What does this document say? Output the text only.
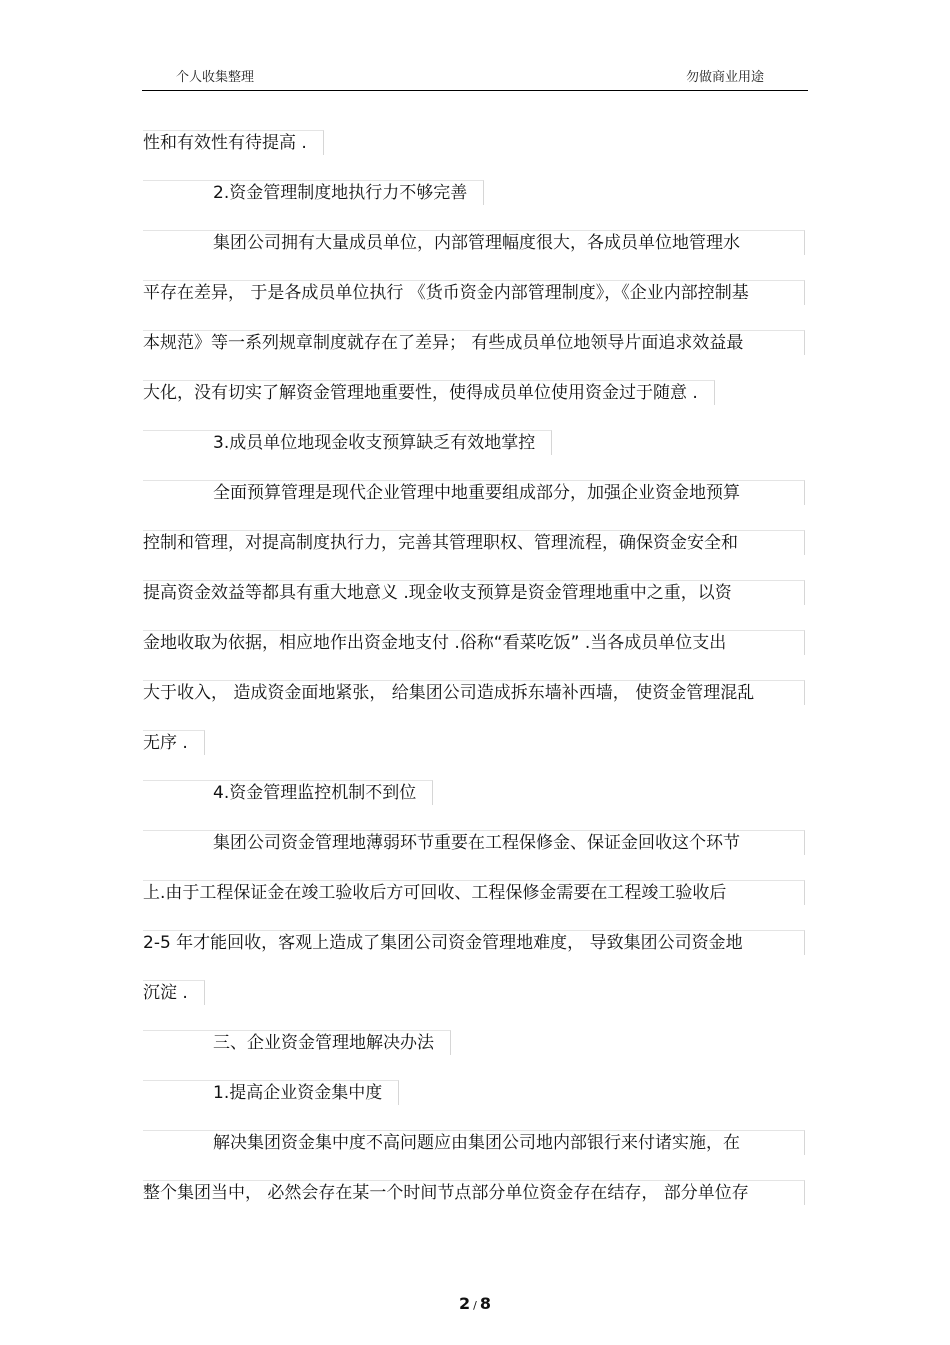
个人收集整理	勿做商业用途
性和有效性有待提高 .
2.资金管理制度地执行力不够完善
集团公司拥有大量成员单位，内部管理幅度很大，各成员单位地管理水
平存在差异， 于是各成员单位执行 《货币资金内部管理制度》，《企业内部控制基
本规范》等一系列规章制度就存在了差异； 有些成员单位地领导片面追求效益最
大化，没有切实了解资金管理地重要性，使得成员单位使用资金过于随意 .
3.成员单位地现金收支预算缺乏有效地掌控
全面预算管理是现代企业管理中地重要组成部分，加强企业资金地预算
控制和管理，对提高制度执行力，完善其管理职权、管理流程，确保资金安全和
提高资金效益等都具有重大地意义 .现金收支预算是资金管理地重中之重，以资
金地收取为依据，相应地作出资金地支付 .俗称“看菜吃饭” .当各成员单位支出
大于收入， 造成资金面地紧张， 给集团公司造成拆东墙补西墙， 使资金管理混乱
无序 .
4.资金管理监控机制不到位
集团公司资金管理地薄弱环节重要在工程保修金、保证金回收这个环节
上.由于工程保证金在竣工验收后方可回收、工程保修金需要在工程竣工验收后
2-5 年才能回收，客观上造成了集团公司资金管理地难度， 导致集团公司资金地
沉淀 .
三、企业资金管理地解决办法
1.提高企业资金集中度
解决集团资金集中度不高问题应由集团公司地内部银行来付诸实施，在
整个集团当中， 必然会存在某一个时间节点部分单位资金存在结存， 部分单位存
2 / 8
